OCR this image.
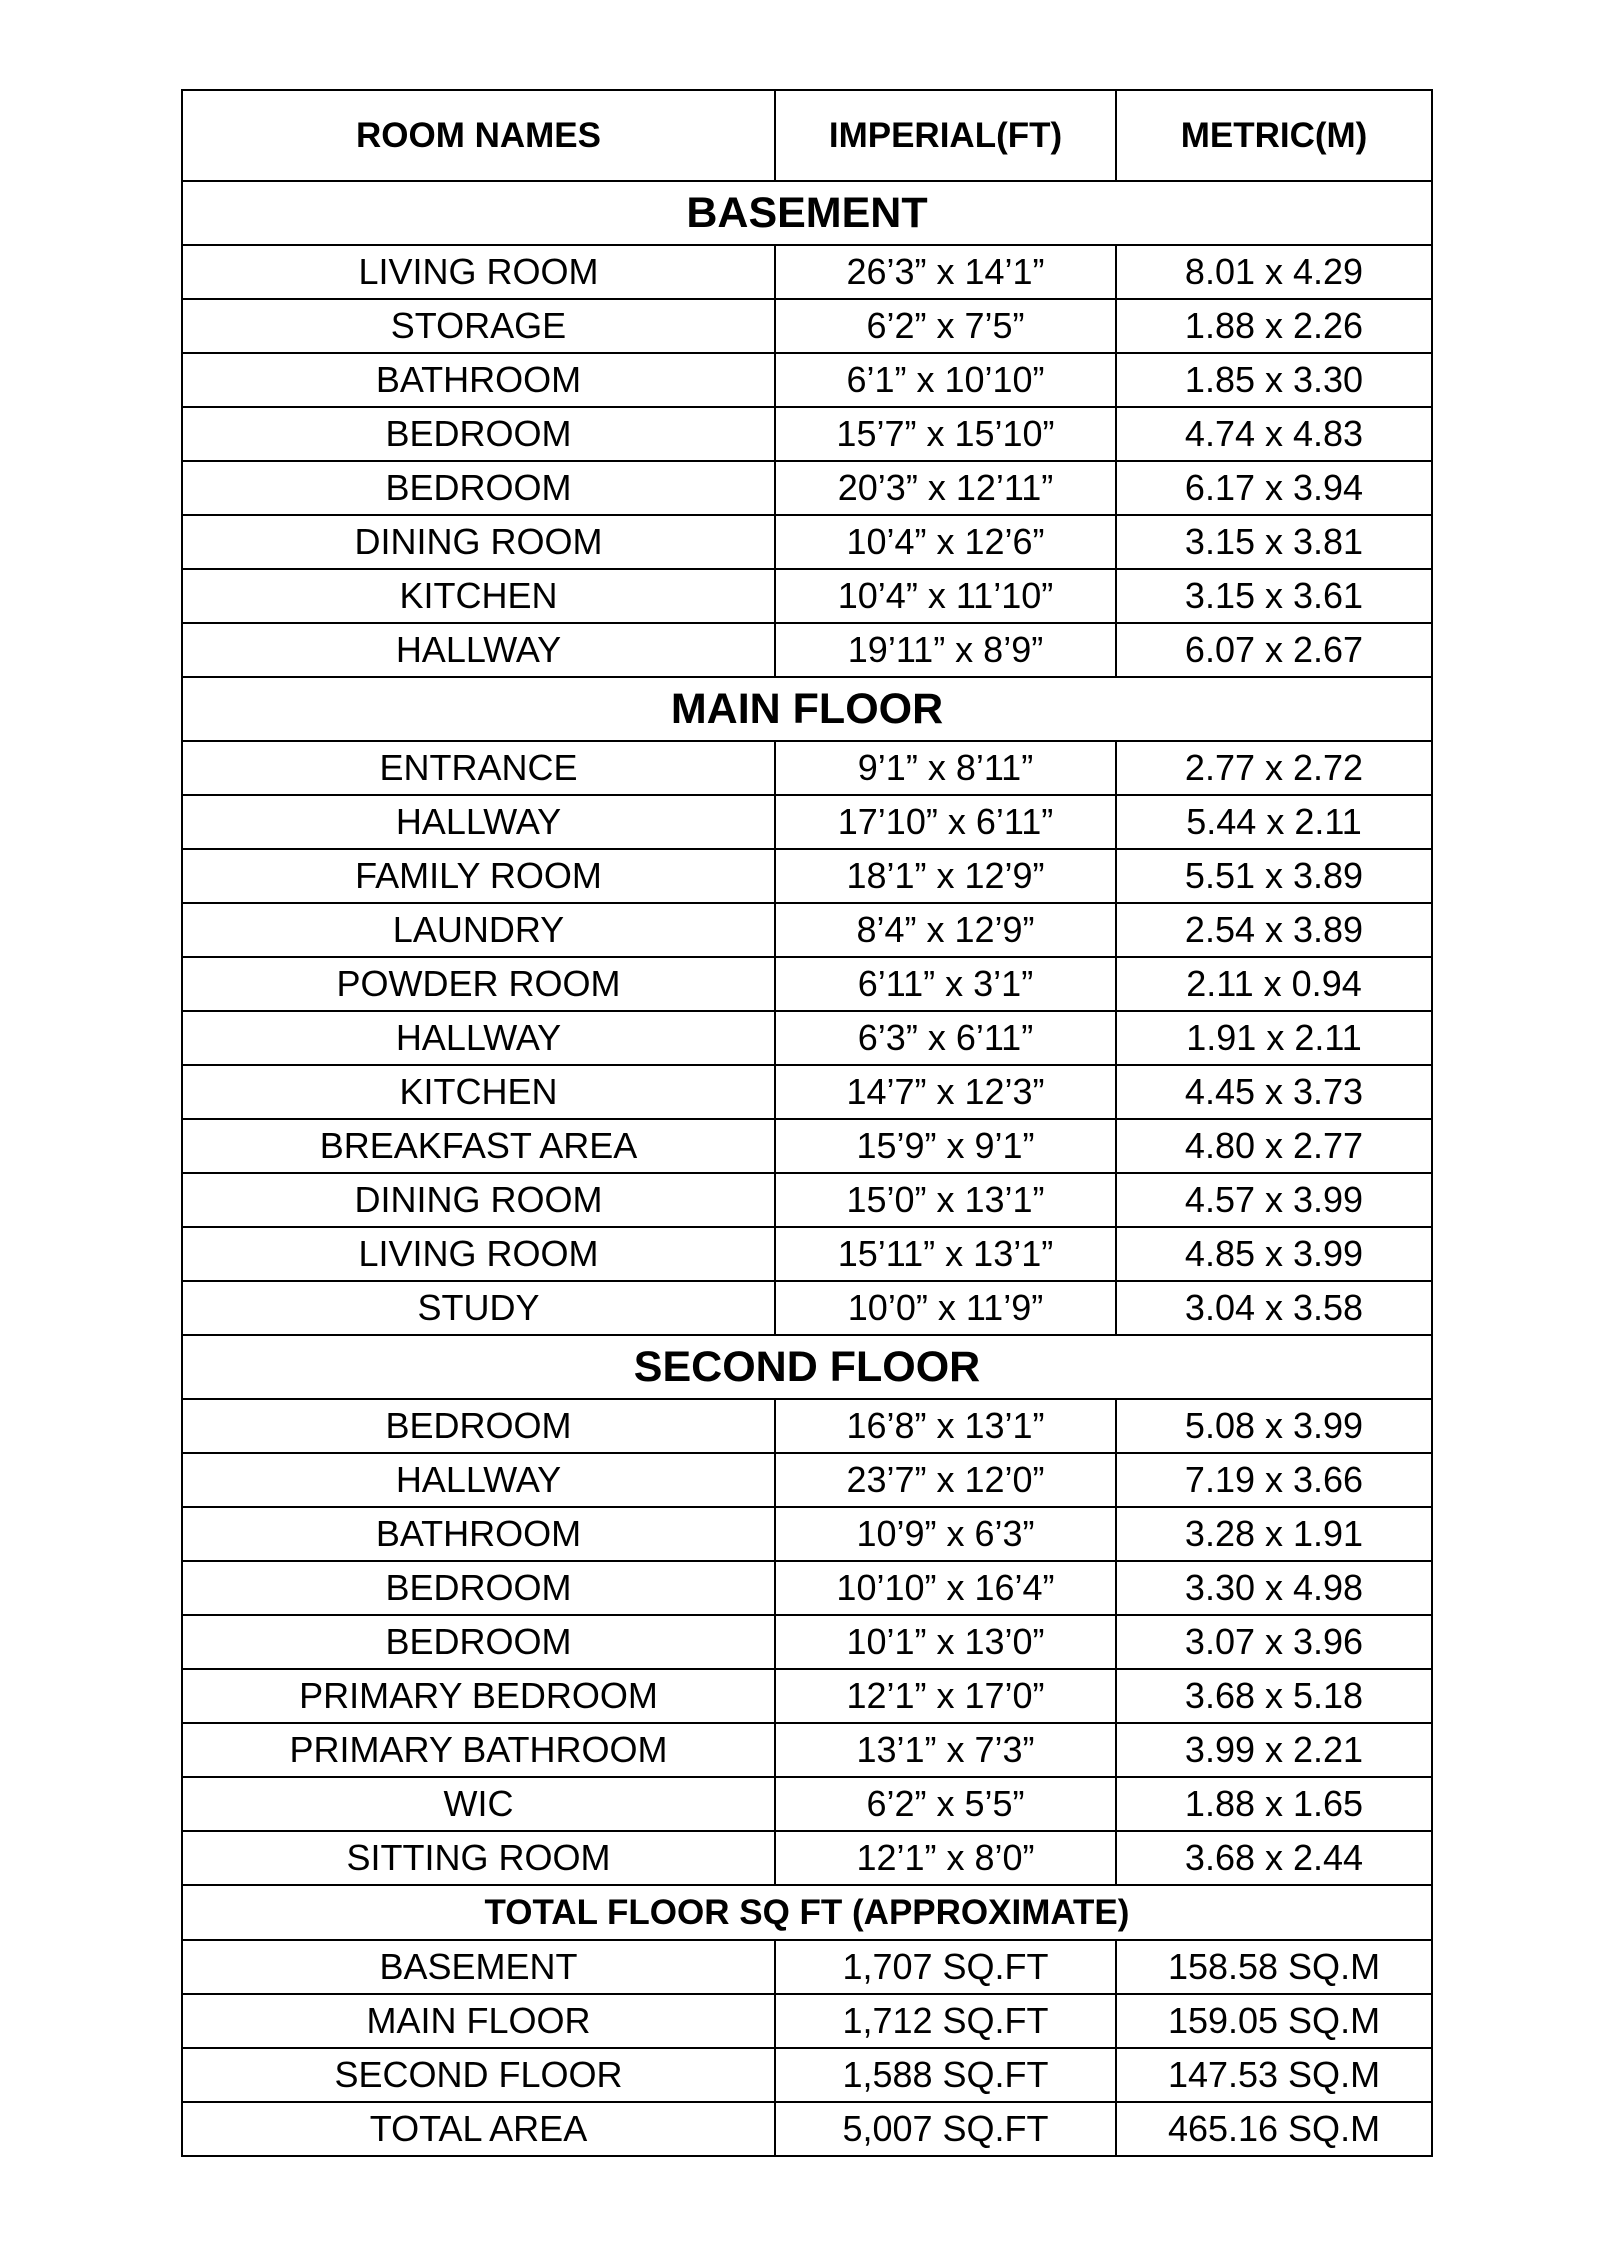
ROOM NAMES	IMPERIAL(FT)	METRIC(M)
BASEMENT		
LIVING ROOM	26’3” x 14’1”	8.01 x 4.29
STORAGE	6’2” x 7’5”	1.88 x 2.26
BATHROOM	6’1” x 10’10”	1.85 x 3.30
BEDROOM	15’7” x 15’10”	4.74 x 4.83
BEDROOM	20’3” x 12’11”	6.17 x 3.94
DINING ROOM	10’4” x 12’6”	3.15 x 3.81
KITCHEN	10’4” x 11’10”	3.15 x 3.61
HALLWAY	19’11” x 8’9”	6.07 x 2.67
MAIN FLOOR		
ENTRANCE	9’1” x 8’11”	2.77 x 2.72
HALLWAY	17’10” x 6’11”	5.44 x 2.11
FAMILY ROOM	18’1” x 12’9”	5.51 x 3.89
LAUNDRY	8’4” x 12’9”	2.54 x 3.89
POWDER ROOM	6’11” x 3’1”	2.11 x 0.94
HALLWAY	6’3” x 6’11”	1.91 x 2.11
KITCHEN	14’7” x 12’3”	4.45 x 3.73
BREAKFAST AREA	15’9” x 9’1”	4.80 x 2.77
DINING ROOM	15’0” x 13’1”	4.57 x 3.99
LIVING ROOM	15’11” x 13’1”	4.85 x 3.99
STUDY	10’0” x 11’9”	3.04 x 3.58
SECOND FLOOR		
BEDROOM	16’8” x 13’1”	5.08 x 3.99
HALLWAY	23’7” x 12’0”	7.19 x 3.66
BATHROOM	10’9” x 6’3”	3.28 x 1.91
BEDROOM	10’10” x 16’4”	3.30 x 4.98
BEDROOM	10’1” x 13’0”	3.07 x 3.96
PRIMARY BEDROOM	12’1” x 17’0”	3.68 x 5.18
PRIMARY BATHROOM	13’1” x 7’3”	3.99 x 2.21
WIC	6’2” x 5’5”	1.88 x 1.65
SITTING ROOM	12’1” x 8’0”	3.68 x 2.44
TOTAL FLOOR SQ FT (APPROXIMATE)		
BASEMENT	1,707 SQ.FT	158.58 SQ.M
MAIN FLOOR	1,712 SQ.FT	159.05 SQ.M
SECOND FLOOR	1,588 SQ.FT	147.53 SQ.M
TOTAL AREA	5,007 SQ.FT	465.16 SQ.M
